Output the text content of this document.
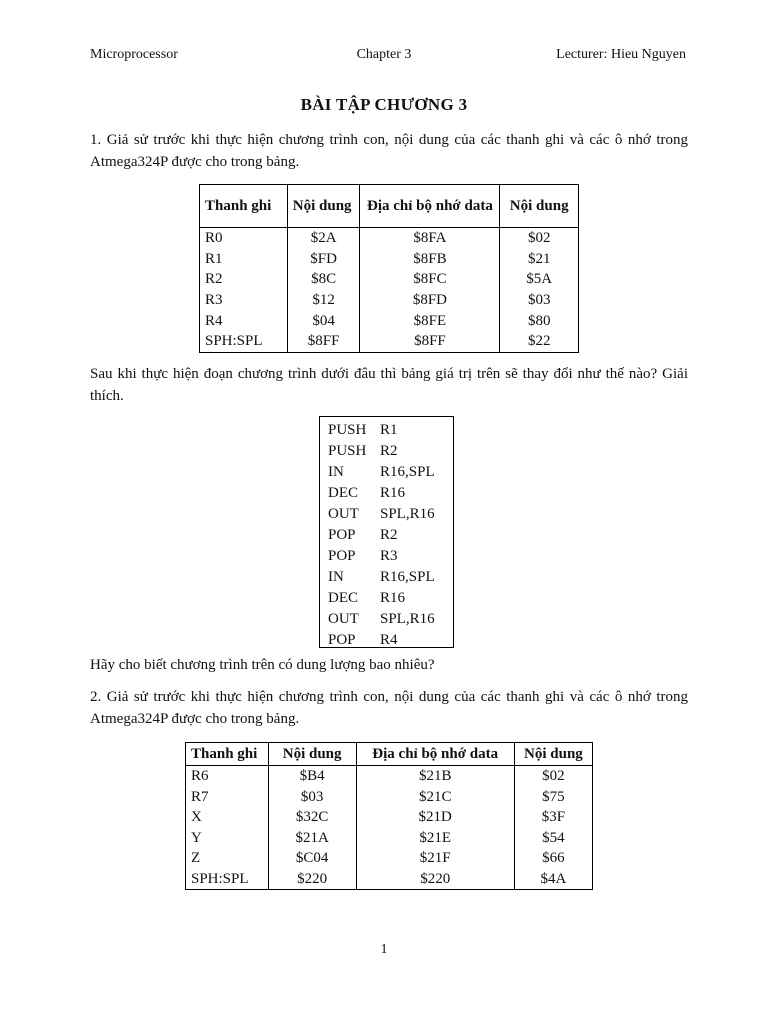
Microprocessor	Chapter 3	Lecturer: Hieu Nguyen
BÀI TẬP CHƯƠNG 3

1. Giả sử trước khi thực hiện chương trình con, nội dung của các thanh ghi và các ô nhớ trong Atmega324P được cho trong bảng.

Thanh ghi	Nội dung	Địa chỉ bộ nhớ data	Nội dung
R0	$2A	$8FA	$02
R1	$FD	$8FB	$21
R2	$8C	$8FC	$5A
R3	$12	$8FD	$03
R4	$04	$8FE	$80
SPH:SPL	$8FF	$8FF	$22

Sau khi thực hiện đoạn chương trình dưới đâu thì bảng giá trị trên sẽ thay đổi như thế nào? Giải thích.

PUSH R1
PUSH R2
IN R16,SPL
DEC R16
OUT SPL,R16
POP R2
POP R3
IN R16,SPL
DEC R16
OUT SPL,R16
POP R4

Hãy cho biết chương trình trên có dung lượng bao nhiêu?

2. Giả sử trước khi thực hiện chương trình con, nội dung của các thanh ghi và các ô nhớ trong Atmega324P được cho trong bảng.

Thanh ghi	Nội dung	Địa chỉ bộ nhớ data	Nội dung
R6	$B4	$21B	$02
R7	$03	$21C	$75
X	$32C	$21D	$3F
Y	$21A	$21E	$54
Z	$C04	$21F	$66
SPH:SPL	$220	$220	$4A
1
